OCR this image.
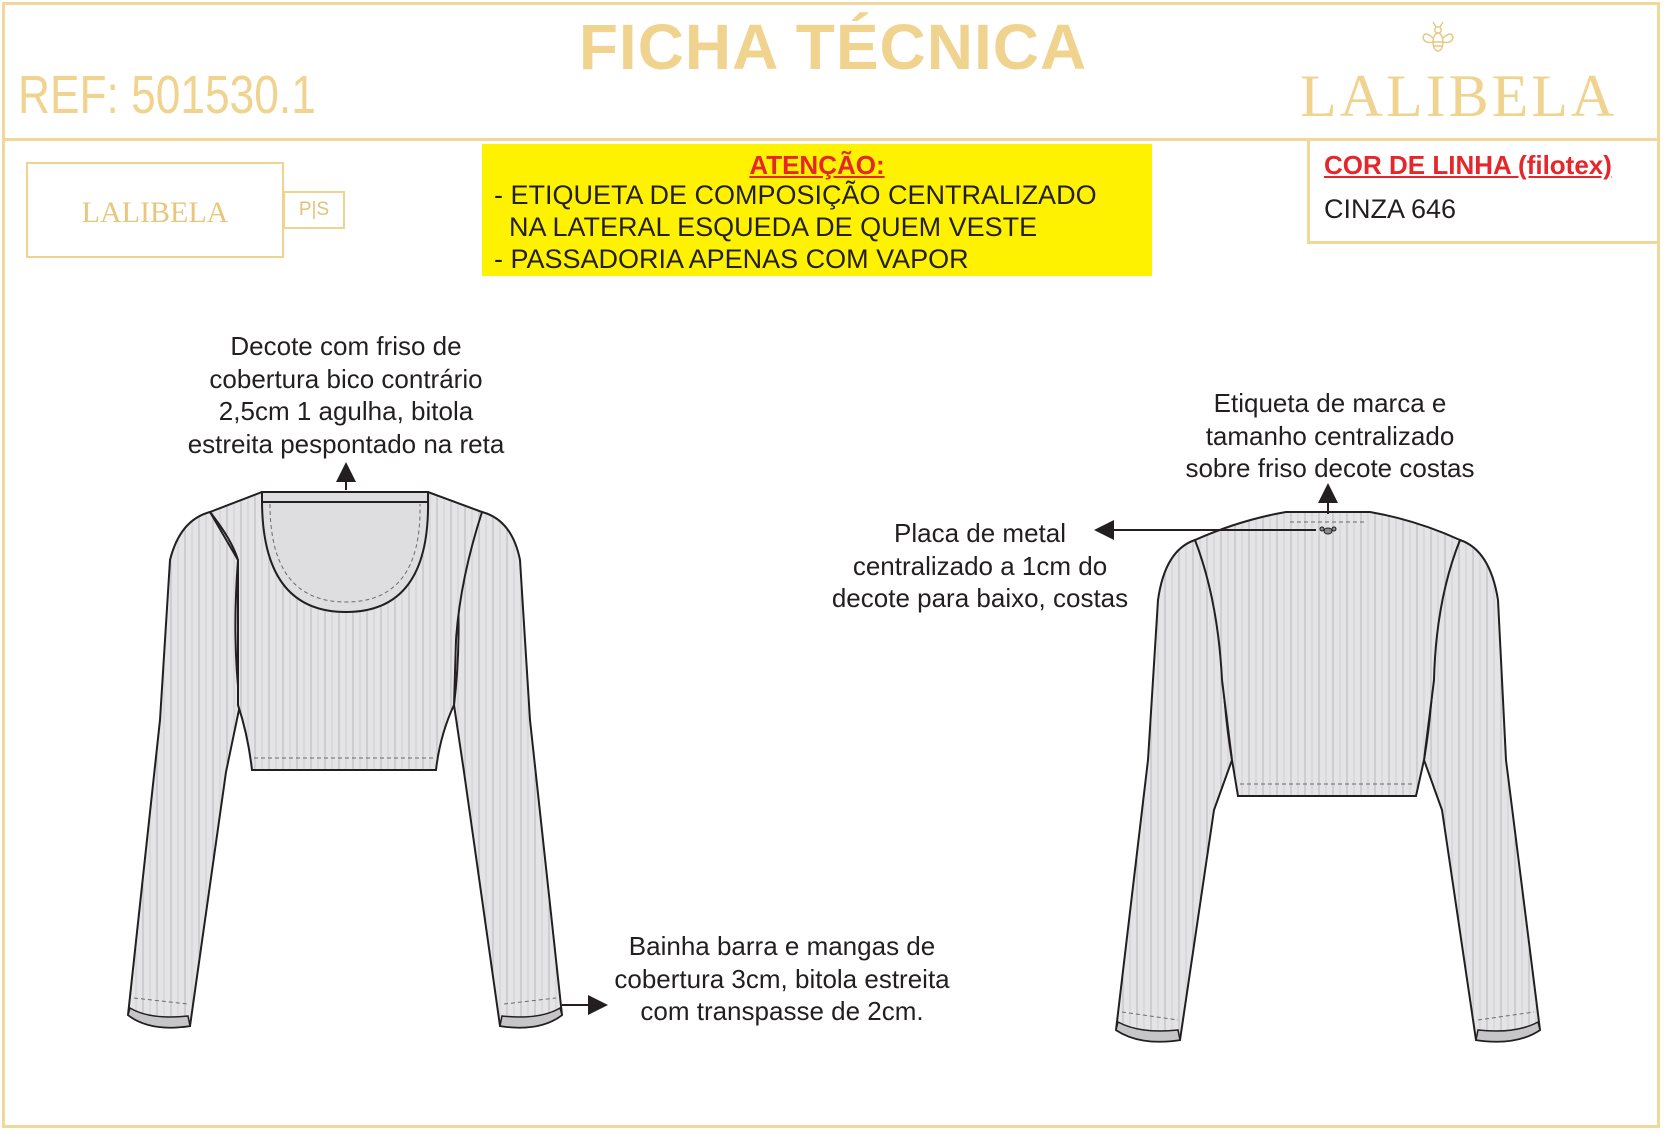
FICHA TÉCNICA
REF: 501530.1	LALIBELA
LALIBELA	P|S
ATENÇÃO:
- ETIQUETA DE COMPOSIÇÃO CENTRALIZADO
NA LATERAL ESQUEDA DE QUEM VESTE
- PASSADORIA APENAS COM VAPOR
COR DE LINHA (filotex)
CINZA 646
Decote com friso de
cobertura bico contrário
2,5cm 1 agulha, bitola
estreita pespontado na reta
Bainha barra e mangas de
cobertura 3cm, bitola estreita
com transpasse de 2cm.
Etiqueta de marca e
tamanho centralizado
sobre friso decote costas
Placa de metal
centralizado a 1cm do
decote para baixo, costas
